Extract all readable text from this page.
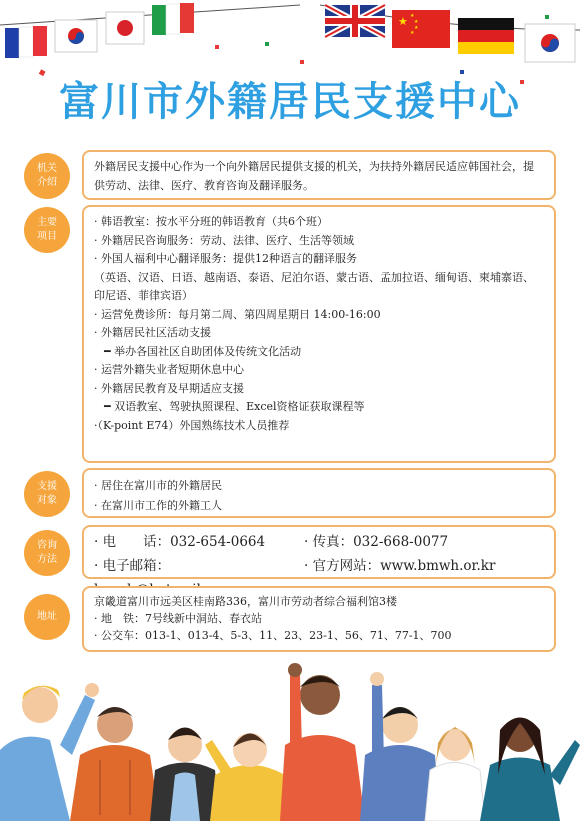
★ ★
★
★
★
富川市外籍居民支援中心
机关
介绍

外籍居民支援中心作为一个向外籍居民提供支援的机关，为扶持外籍居民适应韩国社会，提供劳动、法律、医疗、教育咨询及翻译服务。

主要
项目

· 韩语教室：按水平分班的韩语教育（共6个班）

· 外籍居民咨询服务：劳动、法律、医疗、生活等领域

· 外国人福利中心翻译服务：提供12种语言的翻译服务

（英语、汉语、日语、越南语、泰语、尼泊尔语、蒙古语、孟加拉语、缅甸语、柬埔寨语、印尼语、菲律宾语）

· 运营免费诊所：每月第二周、第四周星期日 14:00-16:00

· 外籍居民社区活动支援

━ 举办各国社区自助团体及传统文化活动

· 运营外籍失业者短期休息中心

· 外籍居民教育及早期适应支援

━ 双语教室、驾驶执照课程、Excel资格证获取课程等

·（K-point E74）外国熟练技术人员推荐

支援
对象

· 居住在富川市的外籍居民

· 在富川市工作的外籍工人

咨询
方法
· 电　　话：032-654-0664	· 传真：032-668-0077
· 电子邮箱：	· 官方网站：www.bmwh.or.kr
地址

京畿道富川市远美区桂南路336，富川市劳动者综合福利馆3楼

· 地　铁：7号线新中洞站、春衣站

· 公交车：013-1、013-4、5-3、11、23、23-1、56、71、77-1、700
